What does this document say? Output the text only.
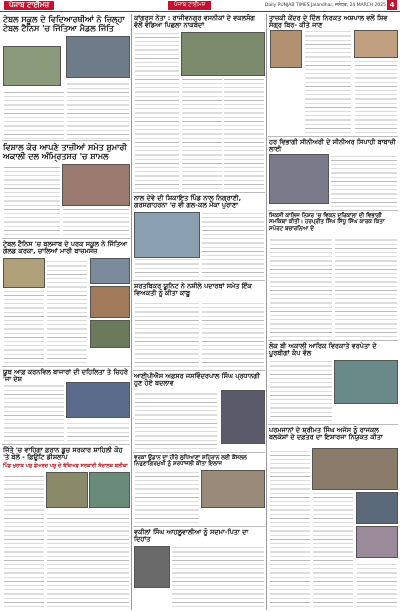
ਪੰਜਾਬ ਟਾਈਮਜ਼	ਪੰਜਾਬ ਟਾਈਮਜ਼	Daily PUNJAB TIMES Jalandhar, ਜਲੰਧਰ, 24 MARCH 2025 4
ਟੇਬਲ ਸਕੂਲ ਦੇ ਵਿਦਿਆਰਥੀਆਂ ਨੇ ਜ਼ਿਲ੍ਹਾ ਟੇਬਲ ਟੈਨਿਸ 'ਚ ਜਿੱਤਿਆ ਮੈਡਲ ਜਿੱਤਿ
ਵਿਸ਼ਾਲ ਕੋਰ ਆਪਣੇ ਤਾਜ਼ੀਆਂ ਸਮੇਤ ਸ਼ੁਮਾਰੀ ਅਕਾਲੀ ਦਲ ਅੰਮ੍ਰਿਤਸਰ 'ਚ ਸ਼ਾਮਲ
ਟੇਬਲ ਟੈਨਿਸ 'ਚ ਬਲਜਾਬ ਦੇ ਪਰਕ ਸਕੂਲ ਨੇ ਜਿੱਤਿਆ ਗੋਲਡ ਕਰਕਾ, ਚਾਲਿਆਂ ਮਾਰੀ ਬਾਜ਼ਮਸਜ਼
ਯੂਥ ਆਫ਼ ਕਰਨਵਿਲ ਬਾਜਾਰਾਂ ਦੀ ਦਹਿਲਿਤਾ ਤੇ ਚਿਹਰੇ 'ਜਾ ਦੇਸ਼
ਜਿੱਤੇ 'ਚ ਵਾਹਿਗਾ ਫ਼ਰਾਨ ਡੂਚ ਸਰਕਾਰ ਸ਼ਾਹਿਲੀ ਕੋਹ 'ਤੇ ਬੋਲੇ - ਫ਼ਿਊਟਿ ਡੀਸ਼ਲਾਪ
ਪਿੰਡ ਖੁਰਾਕ ਪਸ਼ੁ ਡੇਅਰਚ ਪਸ਼ੂ ਦੇ ਬੱਕਿਅਫ਼ ਸਰਕਾਰੀ ਸੰਚਾਲਕ ਬਲੀਕਾ
ਕਾਂਗਰਸ ਨੇਤਾ : ਰਾਜੀਵਨਗਰ ਵਸਨੀਕਾਂ ਦੇ ਵਕਲਸੰਗ ਵੱਲੋਂ ਵੰਡਿਆ ਪਿਛਲਾ ਨਾਕਬੰਦਾਂ
ਨਾਲ ਦੇਵੇ ਦੀ ਸ਼ਿਕਾਇਤ ਪਿੰਡ ਨਾਲ ਨਿਗ੍ਰਾਣੀ, ਗਰਸਗਾਹਰਨਾ 'ਚ ਵੀ ਗਲ-ਕਲ ਮੌਕਾ ਪੁਰਾਣਾ
ਸ਼ਰਤਬਿਕਰ ਯੂਨਿਟ ਨੇ ਨਸ਼ੀਲੇ ਪਦਾਰਥਾਂ ਸਮੇਤ ਇੱਕ ਵਿਅਕਤੀ ਨੂੰ ਕੀਤਾ ਕਾਬੂ
ਆਈਪੀਐਸ ਅਫ਼ਸਰ ਜਸਵਿੰਦਰਪਾਲ ਸਿੰਘ ਪ੍ਰਧਾਨਗੀ ਹੁਣ ਹੋਏ ਬਦਲਾਵ
ਵਰਕਾਂ ਉਡਾਨ ਦਾ ਹੀਰੇ ਲੁਧਿਆਣਾ ਸ਼ਹਿਰਾਨ ਲਈ ਕੌਂਸਲਲ ਨਿਰੁਣਾਗਿਰਮੁਖੀ ਨੂੰ ਸ਼ਰਧਾਂਜਲੀ ਕੀਤਾ ਇਲਾਜ
ਵਕੀਲਾਂ ਸਿੰਘ ਆਹਲੂਵਾਲੀਆ ਨੂੰ ਸਦਮਾ-ਪਿਤਾ ਦਾ ਦਿਹਾਂਤ
ਤਾਜ਼ਕੀ ਕੇਂਦਰ ਦੇ ਦਿੱਲ ਨਿਰਕਤ ਅਸ਼ਪਾਲ ਵਲੋਂ ਸ਼ਿਵ ਸੰਗ੍ਰ ਬਿਰ- ਕੀਤੇ ਜਾਣ
ਹਰ ਵਿਭਾਗੀ ਸੀਨੀਅਰੀ ਦੇ ਸੀਨੀਅਰ ਸਿਪਾਹੀ ਬਾਬਾਜ਼ੀ ਲਾਈ
ਸਿਕਸੀ ਕਾਲਿਜ ਨਿਸ਼ਰ 'ਚ ਵਿਕਨ ਦਰਿਕਾਲਾ ਦੀ ਵਿਭਾਗੀ ਸਮਕਿਥਾ ਕੀਤੀ। ਹਰਪ੍ਰੀਤ ਸਿੰਘ ਸਿੱਧੂ ਸਿੰਘ ਕਾਰਕ ਕਿਤਾ ਸਪੋਰਟ ਬਚਾਰਨਿਆ ਦੇ
ਲੋਕ ਬੀ ਅਕਾਲੀ ਆਰਿਕ ਵਿਰਕਾਤੇ ਵਰਪੇਤਾ ਦੇ ਪੂਰਬੀਗਾਂ ਕੰਪ ਵੱਲ
ਪਰਮਜਾਨਾਂ ਦੇ ਸ਼੍ਰੀਮਤ ਸਿੰਘ ਅਜੇਸ ਨੂੰ ਰਾਜਕਲ ਬਲਕੇਸ਼ਾਂ ਦੇ ਦਫ਼ਤਰ ਦਾ ਇਸ਼ਾਰਜਾ ਨਿਯੁਕਤ ਕੀਤਾ
